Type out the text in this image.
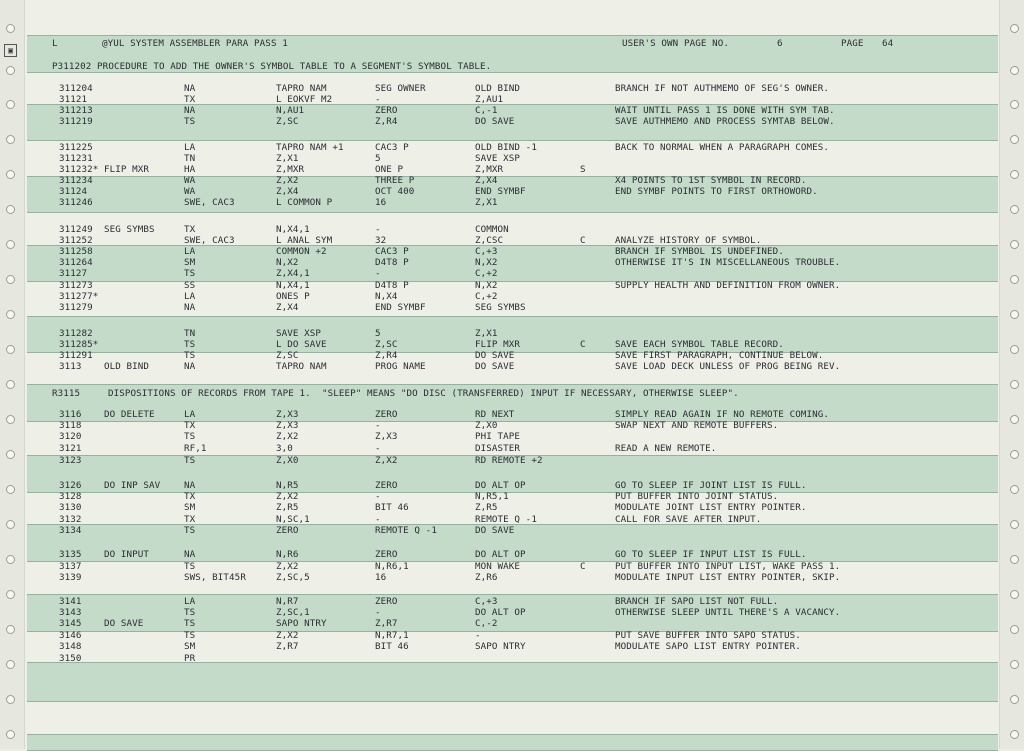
▣

L

	@YUL SYSTEM ASSEMBLER PARA PASS 1

	USER'S OWN PAGE NO.

	6

	PAGE

64

P311202 PROCEDURE TO ADD THE OWNER'S SYMBOL TABLE TO A SEGMENT'S SYMBOL TABLE.

R3115

	DISPOSITIONS OF RECORDS FROM TAPE 1.  "SLEEP" MEANS "DO DISC (TRANSFERRED) INPUT IF NECESSARY, OTHERWISE SLEEP".

311204	NA	TAPRO NAM	SEG OWNER	OLD BIND	BRANCH IF NOT AUTHMEMO OF SEG'S OWNER.
31121	TX	L EOKVF M2	-	Z,AU1
311213	NA	N,AU1	ZERO	C,-1	WAIT UNTIL PASS 1 IS DONE WITH SYM TAB.
311219	TS	Z,SC	Z,R4	DO SAVE	SAVE AUTHMEMO AND PROCESS SYMTAB BELOW.
311225	LA	TAPRO NAM +1	CAC3 P	OLD BIND -1	BACK TO NORMAL WHEN A PARAGRAPH COMES.
311231	TN	Z,X1	5	SAVE XSP
311232* FLIP MXR	HA	Z,MXR	ONE P	Z,MXR	S
311234	WA	Z,X2	THREE P	Z,X4	X4 POINTS TO 1ST SYMBOL IN RECORD.
31124	WA	Z,X4	OCT 400	END SYMBF	END SYMBF POINTS TO FIRST ORTHOWORD.
311246	SWE, CAC3	L COMMON P	16	Z,X1
311249 SEG SYMBS	TX	N,X4,1	-	COMMON
311252	SWE, CAC3	L ANAL SYM	32	Z,CSC	C	ANALYZE HISTORY OF SYMBOL.
311258	LA	COMMON +2	CAC3 P	C,+3	BRANCH IF SYMBOL IS UNDEFINED.
311264	SM	N,X2	D4T8 P	N,X2	OTHERWISE IT'S IN MISCELLANEOUS TROUBLE.
31127	TS	Z,X4,1	-	C,+2
311273	SS	N,X4,1	D4T8 P	N,X2	SUPPLY HEALTH AND DEFINITION FROM OWNER.
311277*	LA	ONES P	N,X4	C,+2
311279	NA	Z,X4	END SYMBF	SEG SYMBS
311282	TN	SAVE XSP	5	Z,X1
311285*	TS	L DO SAVE	Z,SC	FLIP MXR	C	SAVE EACH SYMBOL TABLE RECORD.
311291	TS	Z,SC	Z,R4	DO SAVE	SAVE FIRST PARAGRAPH, CONTINUE BELOW.
3113 OLD BIND	NA	TAPRO NAM	PROG NAME	DO SAVE	SAVE LOAD DECK UNLESS OF PROG BEING REV.
3116 DO DELETE	LA	Z,X3	ZERO	RD NEXT	SIMPLY READ AGAIN IF NO REMOTE COMING.
3118	TX	Z,X3	-	Z,X0	SWAP NEXT AND REMOTE BUFFERS.
3120	TS	Z,X2	Z,X3	PHI TAPE
3121	RF,1	3,0	-	DISASTER	READ A NEW REMOTE.
3123	TS	Z,X0	Z,X2	RD REMOTE +2
3126 DO INP SAV	NA	N,R5	ZERO	DO ALT OP	GO TO SLEEP IF JOINT LIST IS FULL.
3128	TX	Z,X2	-	N,R5,1	PUT BUFFER INTO JOINT STATUS.
3130	SM	Z,R5	BIT 46	Z,R5	MODULATE JOINT LIST ENTRY POINTER.
3132	TX	N,SC,1	-	REMOTE Q -1	CALL FOR SAVE AFTER INPUT.
3134	TS	ZERO	REMOTE Q -1	DO SAVE
3135 DO INPUT	NA	N,R6	ZERO	DO ALT OP	GO TO SLEEP IF INPUT LIST IS FULL.
3137	TS	Z,X2	N,R6,1	MON WAKE	C	PUT BUFFER INTO INPUT LIST, WAKE PASS 1.
3139	SWS, BIT45R	Z,SC,5	16	Z,R6	MODULATE INPUT LIST ENTRY POINTER, SKIP.
3141	LA	N,R7	ZERO	C,+3	BRANCH IF SAPO LIST NOT FULL.
3143	TS	Z,SC,1	-	DO ALT OP	OTHERWISE SLEEP UNTIL THERE'S A VACANCY.
3145 DO SAVE	TS	SAPO NTRY	Z,R7	C,-2
3146	TS	Z,X2	N,R7,1	-	PUT SAVE BUFFER INTO SAPO STATUS.
3148	SM	Z,R7	BIT 46	SAPO NTRY	MODULATE SAPO LIST ENTRY POINTER.
3150	PR
